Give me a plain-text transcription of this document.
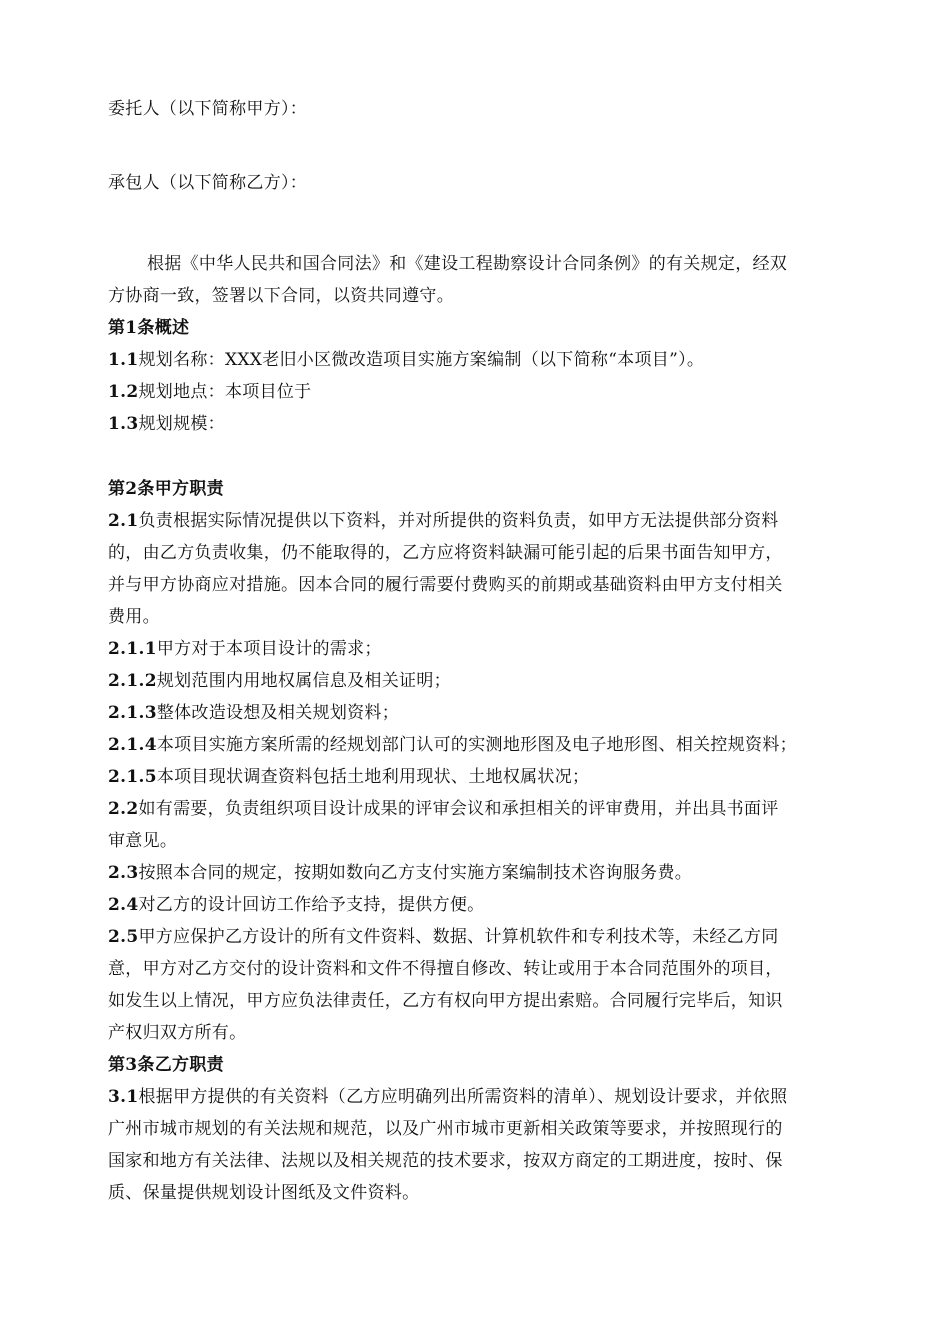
委托人（以下简称甲方）：
承包人（以下简称乙方）：
根据《中华人民共和国合同法》和《建设工程勘察设计合同条例》的有关规定，经双
方协商一致，签署以下合同，以资共同遵守。
第1条概述
1.1规划名称：XXX老旧小区微改造项目实施方案编制（以下简称“本项目”）。
1.2规划地点：本项目位于
1.3规划规模：
第2条甲方职责
2.1负责根据实际情况提供以下资料，并对所提供的资料负责，如甲方无法提供部分资料
的，由乙方负责收集，仍不能取得的，乙方应将资料缺漏可能引起的后果书面告知甲方，
并与甲方协商应对措施。因本合同的履行需要付费购买的前期或基础资料由甲方支付相关
费用。
2.1.1甲方对于本项目设计的需求；
2.1.2规划范围内用地权属信息及相关证明；
2.1.3整体改造设想及相关规划资料；
2.1.4本项目实施方案所需的经规划部门认可的实测地形图及电子地形图、相关控规资料；
2.1.5本项目现状调查资料包括土地利用现状、土地权属状况；
2.2如有需要，负责组织项目设计成果的评审会议和承担相关的评审费用，并出具书面评
审意见。
2.3按照本合同的规定，按期如数向乙方支付实施方案编制技术咨询服务费。
2.4对乙方的设计回访工作给予支持，提供方便。
2.5甲方应保护乙方设计的所有文件资料、数据、计算机软件和专利技术等，未经乙方同
意，甲方对乙方交付的设计资料和文件不得擅自修改、转让或用于本合同范围外的项目，
如发生以上情况，甲方应负法律责任，乙方有权向甲方提出索赔。合同履行完毕后，知识
产权归双方所有。
第3条乙方职责
3.1根据甲方提供的有关资料（乙方应明确列出所需资料的清单）、规划设计要求，并依照
广州市城市规划的有关法规和规范，以及广州市城市更新相关政策等要求，并按照现行的
国家和地方有关法律、法规以及相关规范的技术要求，按双方商定的工期进度，按时、保
质、保量提供规划设计图纸及文件资料。
